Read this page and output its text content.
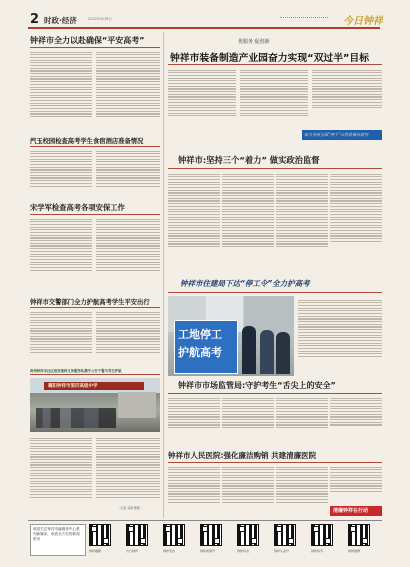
2 时政·经济	2022年6月8日	今日钟祥
钟祥市全力以赴确保“平安高考”
汽玉校园检查高考学生食宿酒店准备情况
宋学军检查高考各项安保工作
钟祥市交警部门全力护航高考学生平安出行
贵州钟祥市社区疫苗接种义务服务队携手公安干警为考生护航
襄阳钟祥市第四高级中学
（记者 邓颖 整理）
优服务 促创新
钟祥市装备制造产业园奋力实现“双过半”目标
奋力争创全国“两个”示范县城市前列
钟祥市:坚持三个“着力” 做实政治监督
钟祥市住建局下达“停工令”全力护高考
工地停工
护航高考
钟祥市市场监管局:守护考生“舌尖上的安全”
钟祥市人民医院:强化廉洁购销 共建清廉医院
清廉钟祥在行动
欢迎关注钟祥市融媒体中心系列新媒体，收看全方位的新闻资讯
钟祥融媒	今日钟祥	钟祥发布	钟祥视频号	钟祥抖音	钟祥头条号	钟祥快手	钟祥微博
